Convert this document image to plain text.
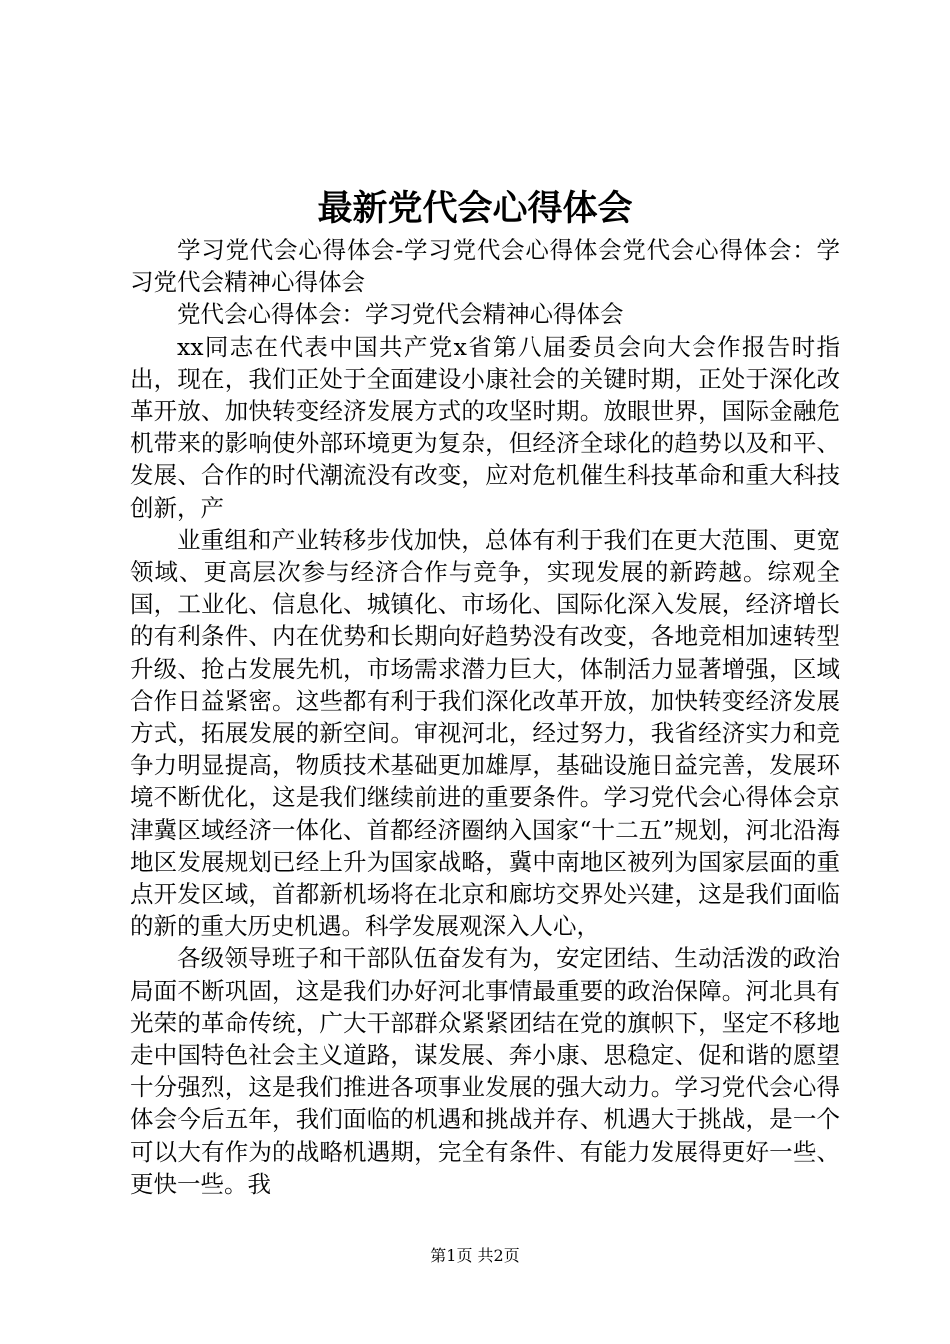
最新党代会心得体会

学习党代会心得体会-学习党代会心得体会党代会心得体会：学习党代会精神心得体会

党代会心得体会：学习党代会精神心得体会

xx同志在代表中国共产党x省第八届委员会向大会作报告时指出，现在，我们正处于全面建设小康社会的关键时期，正处于深化改革开放、加快转变经济发展方式的攻坚时期。放眼世界，国际金融危机带来的影响使外部环境更为复杂，但经济全球化的趋势以及和平、发展、合作的时代潮流没有改变，应对危机催生科技革命和重大科技创新，产

业重组和产业转移步伐加快，总体有利于我们在更大范围、更宽领域、更高层次参与经济合作与竞争，实现发展的新跨越。综观全国，工业化、信息化、城镇化、市场化、国际化深入发展，经济增长的有利条件、内在优势和长期向好趋势没有改变，各地竞相加速转型升级、抢占发展先机，市场需求潜力巨大，体制活力显著增强，区域合作日益紧密。这些都有利于我们深化改革开放，加快转变经济发展方式，拓展发展的新空间。审视河北，经过努力，我省经济实力和竞争力明显提高，物质技术基础更加雄厚，基础设施日益完善，发展环境不断优化，这是我们继续前进的重要条件。学习党代会心得体会京津冀区域经济一体化、首都经济圈纳入国家“十二五”规划，河北沿海地区发展规划已经上升为国家战略，冀中南地区被列为国家层面的重点开发区域，首都新机场将在北京和廊坊交界处兴建，这是我们面临的新的重大历史机遇。科学发展观深入人心，

各级领导班子和干部队伍奋发有为，安定团结、生动活泼的政治局面不断巩固，这是我们办好河北事情最重要的政治保障。河北具有光荣的革命传统，广大干部群众紧紧团结在党的旗帜下，坚定不移地走中国特色社会主义道路，谋发展、奔小康、思稳定、促和谐的愿望十分强烈，这是我们推进各项事业发展的强大动力。学习党代会心得体会今后五年，我们面临的机遇和挑战并存、机遇大于挑战，是一个可以大有作为的战略机遇期，完全有条件、有能力发展得更好一些、更快一些。我

第1页 共2页
